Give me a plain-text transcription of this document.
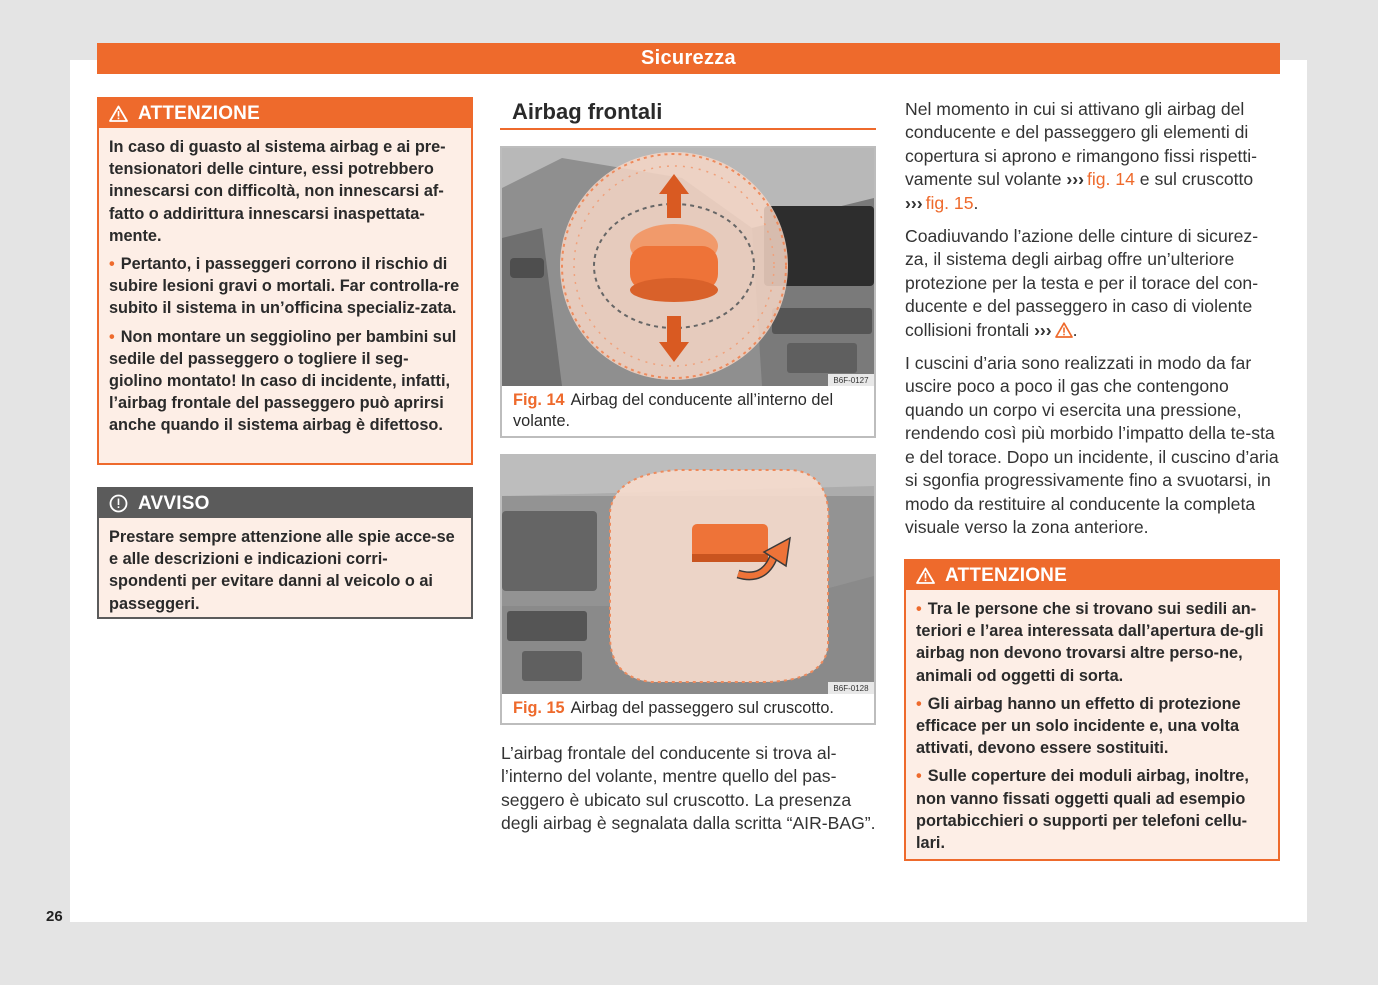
Sicurezza
ATTENZIONE

In caso di guasto al sistema airbag e ai pre-tensionatori delle cinture, essi potrebbero innescarsi con difficoltà, non innescarsi af-fatto o addirittura innescarsi inaspettata-mente.

• Pertanto, i passeggeri corrono il rischio di subire lesioni gravi o mortali. Far controlla-re subito il sistema in un’officina specializ-zata.

• Non montare un seggiolino per bambini sul sedile del passeggero o togliere il seg-giolino montato! In caso di incidente, infatti, l’airbag frontale del passeggero può aprirsi anche quando il sistema airbag è difettoso.

AVVISO

Prestare sempre attenzione alle spie acce-se e alle descrizioni e indicazioni corri-spondenti per evitare danni al veicolo o ai passeggeri.

Airbag frontali
B6F-0127
Fig. 14 Airbag del conducente all’interno del volante.
B6F-0128
Fig. 15 Airbag del passeggero sul cruscotto.

L’airbag frontale del conducente si trova al-l’interno del volante, mentre quello del pas-seggero è ubicato sul cruscotto. La presenza degli airbag è segnalata dalla scritta “AIR-BAG”.

Nel momento in cui si attivano gli airbag del conducente e del passeggero gli elementi di copertura si aprono e rimangono fissi rispetti-vamente sul volante ››› fig. 14 e sul cruscotto ››› fig. 15.

Coadiuvando l’azione delle cinture di sicurez-za, il sistema degli airbag offre un’ulteriore protezione per la testa e per il torace del con-ducente e del passeggero in caso di violente collisioni frontali ››› .

I cuscini d’aria sono realizzati in modo da far uscire poco a poco il gas che contengono quando un corpo vi esercita una pressione, rendendo così più morbido l’impatto della te-sta e del torace. Dopo un incidente, il cuscino d’aria si sgonfia progressivamente fino a svuotarsi, in modo da restituire al conducente la completa visuale verso la zona anteriore.

ATTENZIONE

• Tra le persone che si trovano sui sedili an-teriori e l’area interessata dall’apertura de-gli airbag non devono trovarsi altre perso-ne, animali od oggetti di sorta.

• Gli airbag hanno un effetto di protezione efficace per un solo incidente e, una volta attivati, devono essere sostituiti.

• Sulle coperture dei moduli airbag, inoltre, non vanno fissati oggetti quali ad esempio portabicchieri o supporti per telefoni cellu-lari.

26
